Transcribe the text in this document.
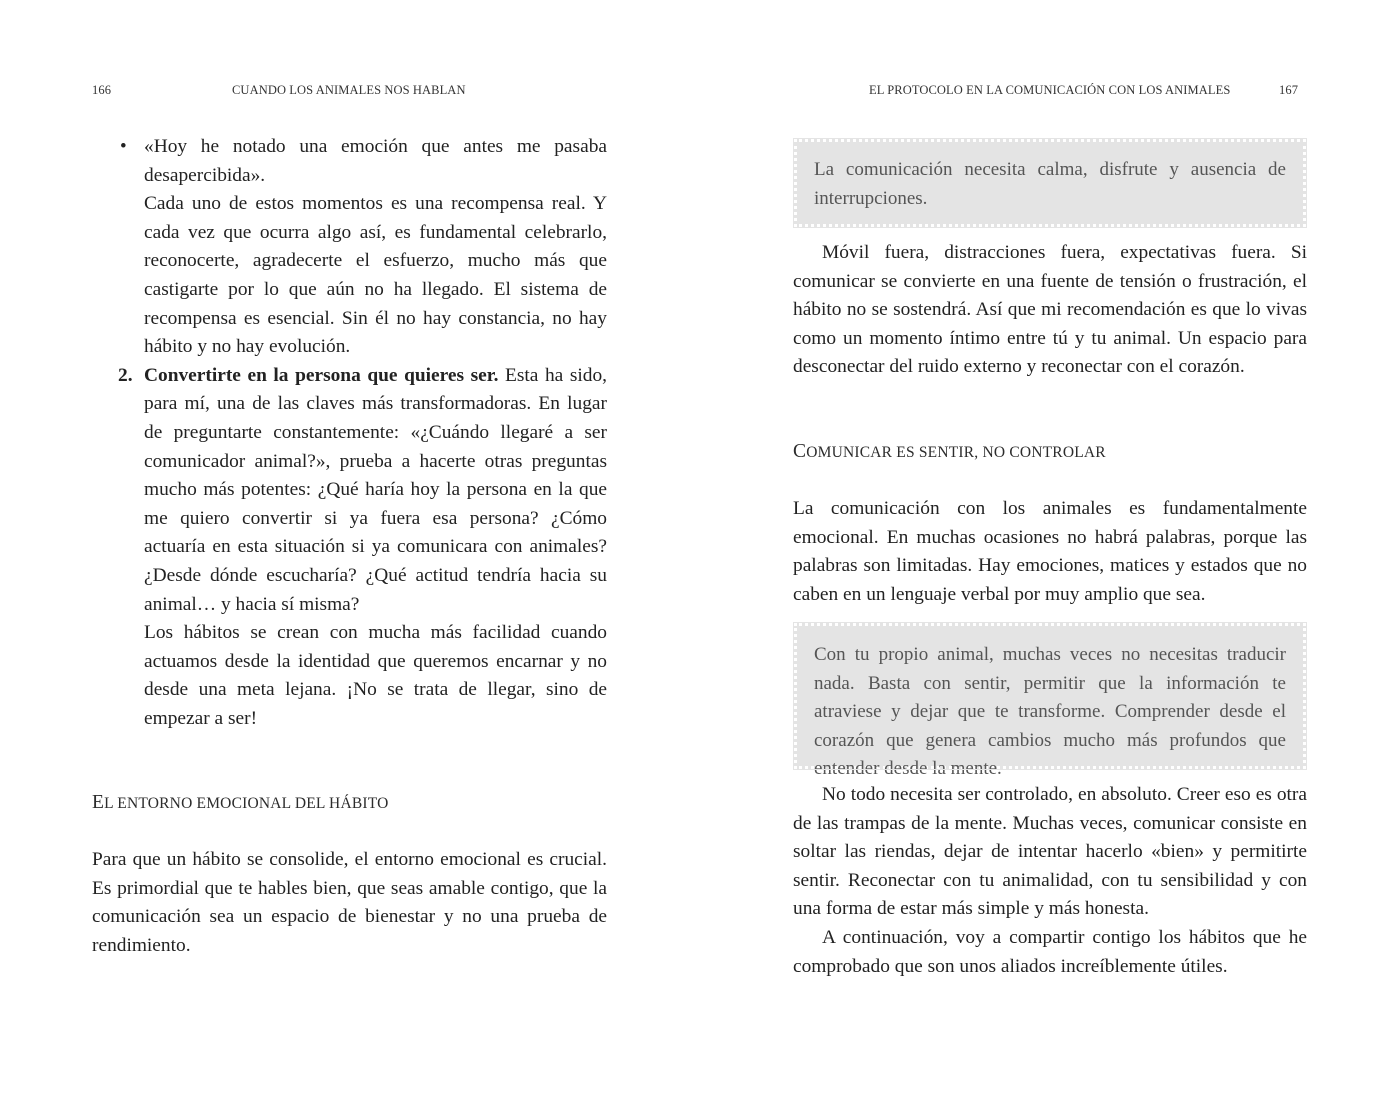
166	CUANDO LOS ANIMALES NOS HABLAN

• «Hoy he notado una emoción que antes me pasaba desapercibida».

Cada uno de estos momentos es una recompensa real. Y cada vez que ocurra algo así, es fundamental celebrarlo, reconocerte, agradecerte el esfuerzo, mucho más que castigarte por lo que aún no ha llegado. El sistema de recompensa es esencial. Sin él no hay constancia, no hay hábito y no hay evolución.

2. Convertirte en la persona que quieres ser. Esta ha sido, para mí, una de las claves más transformadoras. En lugar de preguntarte constantemente: «¿Cuándo llegaré a ser comunicador animal?», prueba a hacerte otras preguntas mucho más potentes: ¿Qué haría hoy la persona en la que me quiero convertir si ya fuera esa persona? ¿Cómo actuaría en esta situación si ya comunicara con animales? ¿Desde dónde escucharía? ¿Qué actitud tendría hacia su animal… y hacia sí misma?

Los hábitos se crean con mucha más facilidad cuando actuamos desde la identidad que queremos encarnar y no desde una meta lejana. ¡No se trata de llegar, sino de empezar a ser!

EL ENTORNO EMOCIONAL DEL HÁBITO

Para que un hábito se consolide, el entorno emocional es crucial. Es primordial que te hables bien, que seas amable contigo, que la comunicación sea un espacio de bienestar y no una prueba de rendimiento.

EL PROTOCOLO EN LA COMUNICACIÓN CON LOS ANIMALES	167

La comunicación necesita calma, disfrute y ausencia de interrupciones.

Móvil fuera, distracciones fuera, expectativas fuera. Si comunicar se convierte en una fuente de tensión o frustración, el hábito no se sostendrá. Así que mi recomendación es que lo vivas como un momento íntimo entre tú y tu animal. Un espacio para desconectar del ruido externo y reconectar con el corazón.

COMUNICAR ES SENTIR, NO CONTROLAR

La comunicación con los animales es fundamentalmente emocional. En muchas ocasiones no habrá palabras, porque las palabras son limitadas. Hay emociones, matices y estados que no caben en un lenguaje verbal por muy amplio que sea.

Con tu propio animal, muchas veces no necesitas traducir nada. Basta con sentir, permitir que la información te atraviese y dejar que te transforme. Comprender desde el corazón que genera cambios mucho más profundos que entender desde la mente.

No todo necesita ser controlado, en absoluto. Creer eso es otra de las trampas de la mente. Muchas veces, comunicar consiste en soltar las riendas, dejar de intentar hacerlo «bien» y permitirte sentir. Reconectar con tu animalidad, con tu sensibilidad y con una forma de estar más simple y más honesta.

A continuación, voy a compartir contigo los hábitos que he comprobado que son unos aliados increíblemente útiles.
